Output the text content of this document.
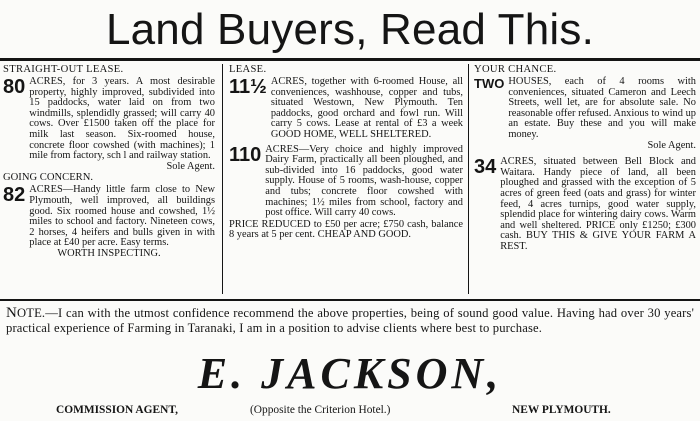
Land Buyers, Read This.

STRAIGHT-OUT LEASE.

80 ACRES, for 3 years. A most desirable property, highly improved, subdivided into 15 paddocks, water laid on from two windmills, splendidly grassed; will carry 40 cows. Over £1500 taken off the place for milk last season. Six-roomed house, concrete floor cowshed (with machines); 1 mile from factory, sch l and railway station.

Sole Agent.

GOING CONCERN.

82 ACRES—Handy little farm close to New Plymouth, well improved, all buildings good. Six roomed house and cowshed, 1½ miles to school and factory. Nineteen cows, 2 horses, 4 heifers and bulls given in with place at £40 per acre. Easy terms.

WORTH INSPECTING.

LEASE.

11½ ACRES, together with 6-roomed House, all conveniences, washhouse, copper and tubs, situated Westown, New Plymouth. Ten paddocks, good orchard and fowl run. Will carry 5 cows. Lease at rental of £3 a week GOOD HOME, WELL SHELTERED.

110 ACRES—Very choice and highly improved Dairy Farm, practically all been ploughed, and sub-divided into 16 paddocks, good water supply. House of 5 rooms, wash-house, copper and tubs; concrete floor cowshed with machines; 1½ miles from school, factory and post office. Will carry 40 cows.

PRICE REDUCED to £50 per acre; £750 cash, balance 8 years at 5 per cent. CHEAP AND GOOD.

YOUR CHANCE.

TWO HOUSES, each of 4 rooms with conveniences, situated Cameron and Leech Streets, well let, are for absolute sale. No reasonable offer refused. Anxious to wind up an estate. Buy these and you will make money.

Sole Agent.

34 ACRES, situated between Bell Block and Waitara. Handy piece of land, all been ploughed and grassed with the exception of 5 acres of green feed (oats and grass) for winter feed, 4 acres turnips, good water supply, splendid place for wintering dairy cows. Warm and well sheltered. PRICE only £1250; £300 cash. BUY THIS & GIVE YOUR FARM A REST.

NOTE.—I can with the utmost confidence recommend the above properties, being of sound good value. Having had over 30 years' practical experience of Farming in Taranaki, I am in a position to advise clients where best to purchase.

E. JACKSON,

COMMISSION AGENT,	(Opposite the Criterion Hotel.)	NEW PLYMOUTH.
